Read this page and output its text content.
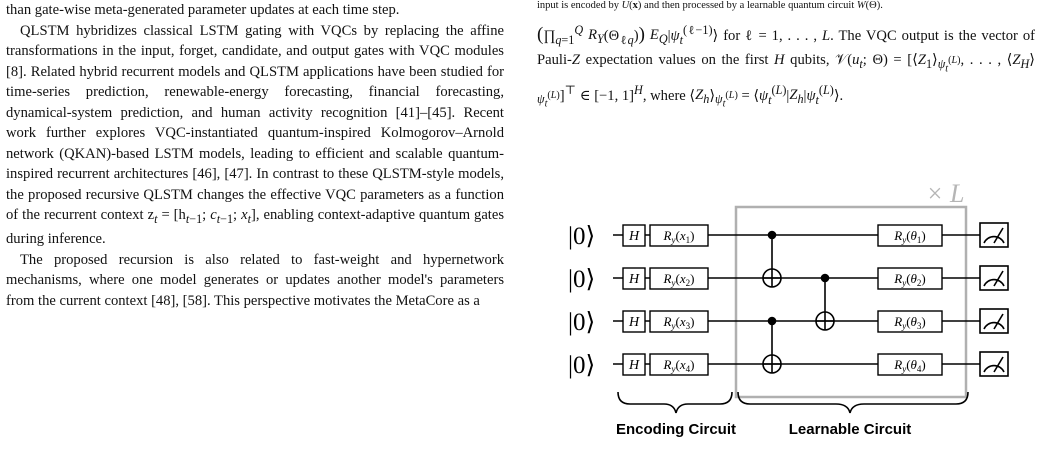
than gate-wise meta-generated parameter updates at each time step.

QLSTM hybridizes classical LSTM gating with VQCs by replacing the affine transformations in the input, forget, candidate, and output gates with VQC modules [8]. Related hybrid recurrent models and QLSTM applications have been studied for time-series prediction, renewable-energy forecasting, financial forecasting, dynamical-system prediction, and human activity recognition [41]–[45]. Recent work further explores VQC-instantiated quantum-inspired Kolmogorov–Arnold network (QKAN)-based LSTM models, leading to efficient and scalable quantum-inspired recurrent architectures [46], [47]. In contrast to these QLSTM-style models, the proposed recursive QLSTM changes the effective VQC parameters as a function of the recurrent context $z_t = [h_{t-1}$; $c_{t-1}$; $x_t$], enabling context-adaptive quantum gates during inference.

The proposed recursion is also related to fast-weight and hypernetwork mechanisms, where one model generates or updates another model's parameters from the current context [48], [58]. This perspective motivates the MetaCore as a

input is encoded by U(x) and then processed by a learnable quantum circuit W(Θ).

($\prod_{q=1}^Q$ $R_Y(\Theta_{\ell q})$) $E_Q|\psi_t^{(\ell-1)}⟩$ for ℓ = 1, . . . , L. The VQC output is the vector of Pauli-Z expectation values on the first H qubits, $𝒱(u_t$; $\Theta) = [⟨Z_1⟩_{\psi_t^{(L)}}$, . . . , $⟨Z_H⟩_{\psi_t^{(L)}}]^⊤$ ∈ [−1, 1]$^H$, where $⟨Z_h⟩_{\psi_t^{(L)}}$ = $⟨\psi_t^{(L)}|Z_h|\psi_t^{(L)}⟩$.

× L
|0⟩
|0⟩
|0⟩
|0⟩
H
H
H
H
$R_y(x_1)$
$R_y(x_2)$
$R_y(x_3)$
$R_y(x_4)$
$R_y(\theta_1)$
$R_y(\theta_2)$
$R_y(\theta_3)$
$R_y(\theta_4)$
Encoding Circuit	Learnable Circuit
